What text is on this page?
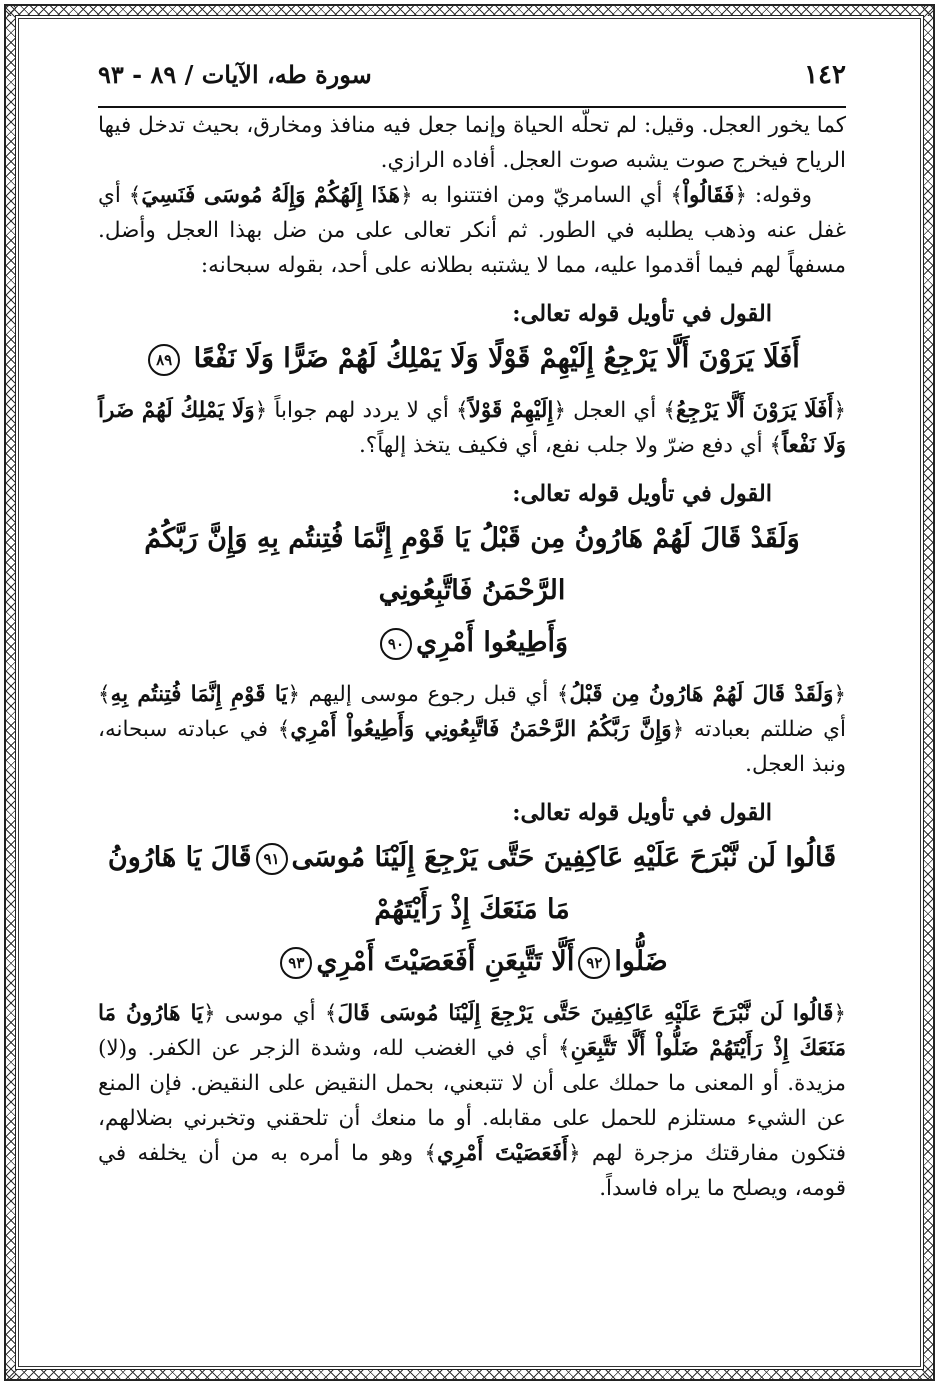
١٤٢
سورة طه، الآيات / ٨٩ - ٩٣

كما يخور العجل. وقيل: لم تحلّه الحياة وإنما جعل فيه منافذ ومخارق، بحيث تدخل فيها الرياح فيخرج صوت يشبه صوت العجل. أفاده الرازي.

وقوله: ﴿فَقَالُواْ﴾ أي السامريّ ومن افتتنوا به ﴿هَذَا إِلَهُكُمْ وَإِلَهُ مُوسَى فَنَسِيَ﴾ أي غفل عنه وذهب يطلبه في الطور. ثم أنكر تعالى على من ضل بهذا العجل وأضل. مسفهاً لهم فيما أقدموا عليه، مما لا يشتبه بطلانه على أحد، بقوله سبحانه:

القول في تأويل قوله تعالى:
أَفَلَا يَرَوْنَ أَلَّا يَرْجِعُ إِلَيْهِمْ قَوْلًا وَلَا يَمْلِكُ لَهُمْ ضَرًّا وَلَا نَفْعًا ٨٩

﴿أَفَلَا يَرَوْنَ أَلَّا يَرْجِعُ﴾ أي العجل ﴿إِلَيْهِمْ قَوْلاً﴾ أي لا يردد لهم جواباً ﴿وَلَا يَمْلِكُ لَهُمْ ضَراً وَلَا نَفْعاً﴾ أي دفع ضرّ ولا جلب نفع، أي فكيف يتخذ إلهاً؟.

القول في تأويل قوله تعالى:
وَلَقَدْ قَالَ لَهُمْ هَارُونُ مِن قَبْلُ يَا قَوْمِ إِنَّمَا فُتِنتُم بِهِ وَإِنَّ رَبَّكُمُ الرَّحْمَنُ فَاتَّبِعُونِي
وَأَطِيعُوا أَمْرِي٩٠

﴿وَلَقَدْ قَالَ لَهُمْ هَارُونُ مِن قَبْلُ﴾ أي قبل رجوع موسى إليهم ﴿يَا قَوْمِ إِنَّمَا فُتِنتُم بِهِ﴾ أي ضللتم بعبادته ﴿وَإِنَّ رَبَّكُمُ الرَّحْمَنُ فَاتَّبِعُونِي وَأَطِيعُواْ أَمْرِي﴾ في عبادته سبحانه، ونبذ العجل.

القول في تأويل قوله تعالى:
قَالُوا لَن نَّبْرَحَ عَلَيْهِ عَاكِفِينَ حَتَّى يَرْجِعَ إِلَيْنَا مُوسَى٩١قَالَ يَا هَارُونُ مَا مَنَعَكَ إِذْ رَأَيْتَهُمْ
ضَلُّوا٩٢أَلَّا تَتَّبِعَنِ أَفَعَصَيْتَ أَمْرِي٩٣

﴿قَالُوا لَن نَّبْرَحَ عَلَيْهِ عَاكِفِينَ حَتَّى يَرْجِعَ إِلَيْنَا مُوسَى قَالَ﴾ أي موسى ﴿يَا هَارُونُ مَا مَنَعَكَ إِذْ رَأَيْتَهُمْ ضَلُّواْ أَلَّا تَتَّبِعَنِ﴾ أي في الغضب لله، وشدة الزجر عن الكفر. و(لا) مزيدة. أو المعنى ما حملك على أن لا تتبعني، بحمل النقيض على النقيض. فإن المنع عن الشيء مستلزم للحمل على مقابله. أو ما منعك أن تلحقني وتخبرني بضلالهم، فتكون مفارقتك مزجرة لهم ﴿أَفَعَصَيْتَ أَمْرِي﴾ وهو ما أمره به من أن يخلفه في قومه، ويصلح ما يراه فاسداً.
